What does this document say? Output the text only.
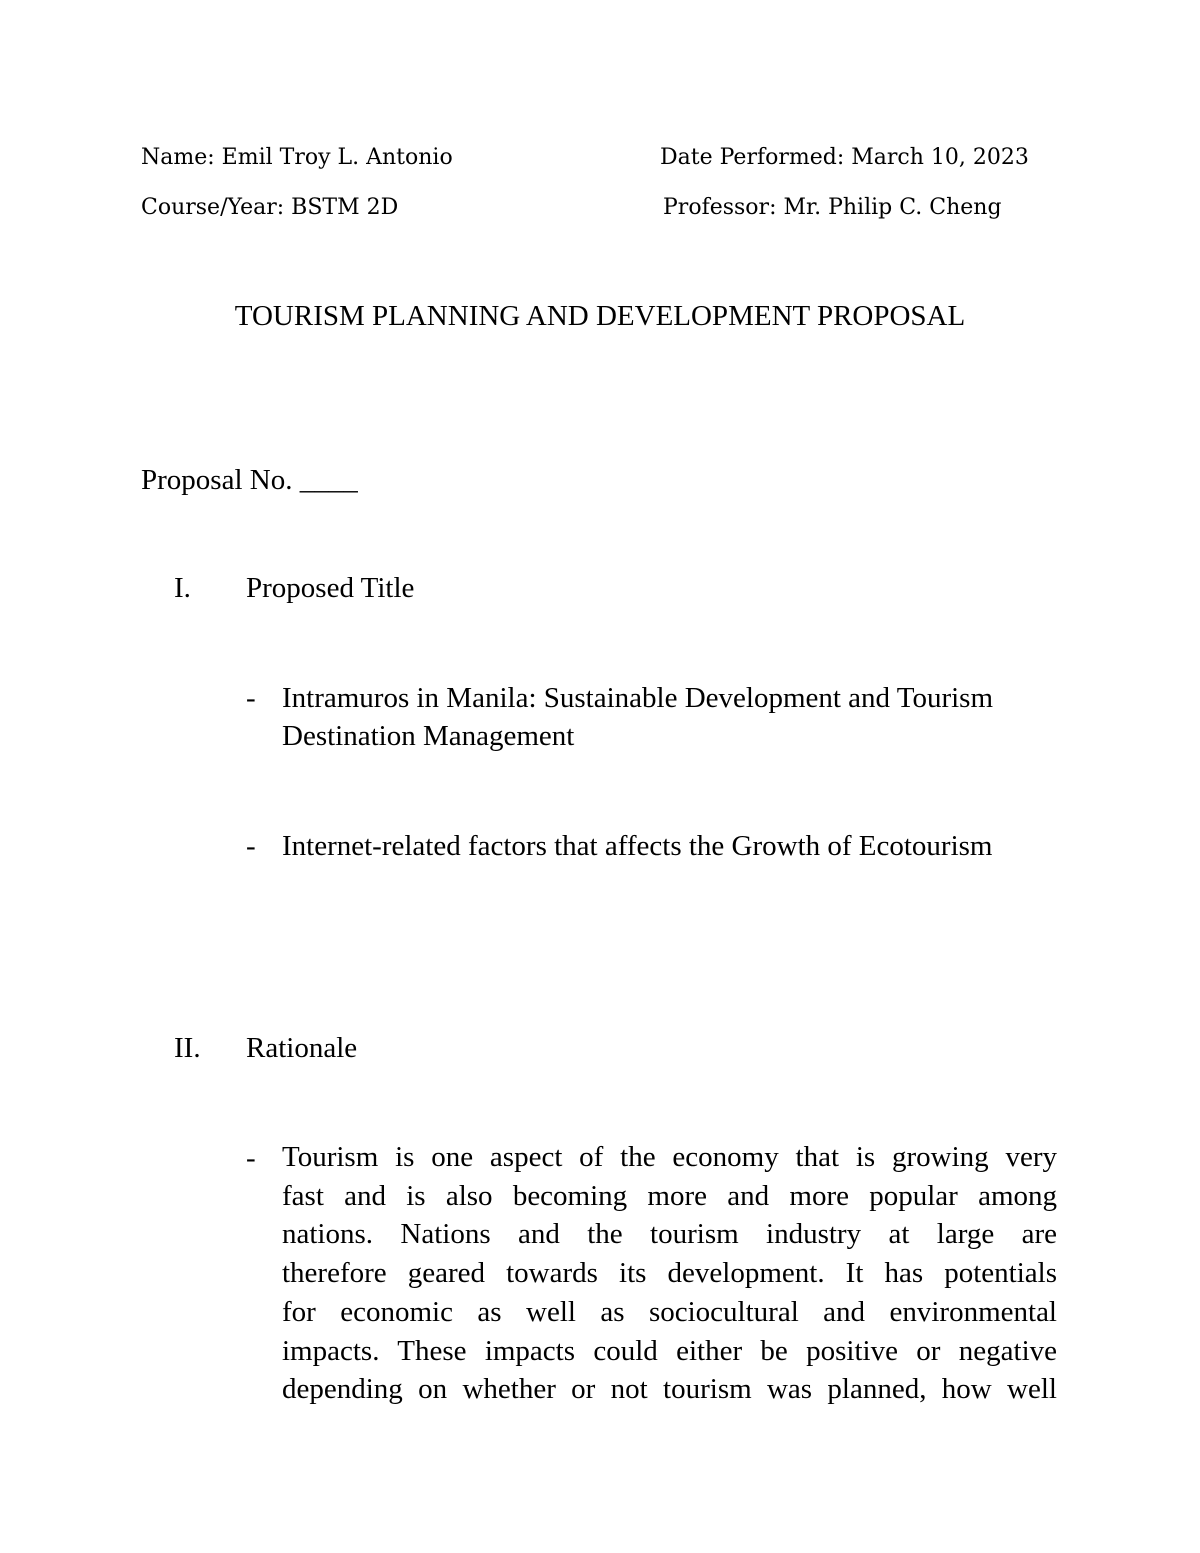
Name: Emil Troy L. Antonio	Date Performed: March 10, 2023
Course/Year: BSTM 2D	Professor: Mr. Philip C. Cheng
TOURISM PLANNING AND DEVELOPMENT PROPOSAL
Proposal No. ____
I. Proposed Title
- Intramuros in Manila: Sustainable Development and Tourism
Destination Management
- Internet-related factors that affects the Growth of Ecotourism
II. Rationale
- Tourism is one aspect of the economy that is growing very
fast and is also becoming more and more popular among
nations. Nations and the tourism industry at large are
therefore geared towards its development. It has potentials
for economic as well as sociocultural and environmental
impacts. These impacts could either be positive or negative
depending on whether or not tourism was planned, how well
